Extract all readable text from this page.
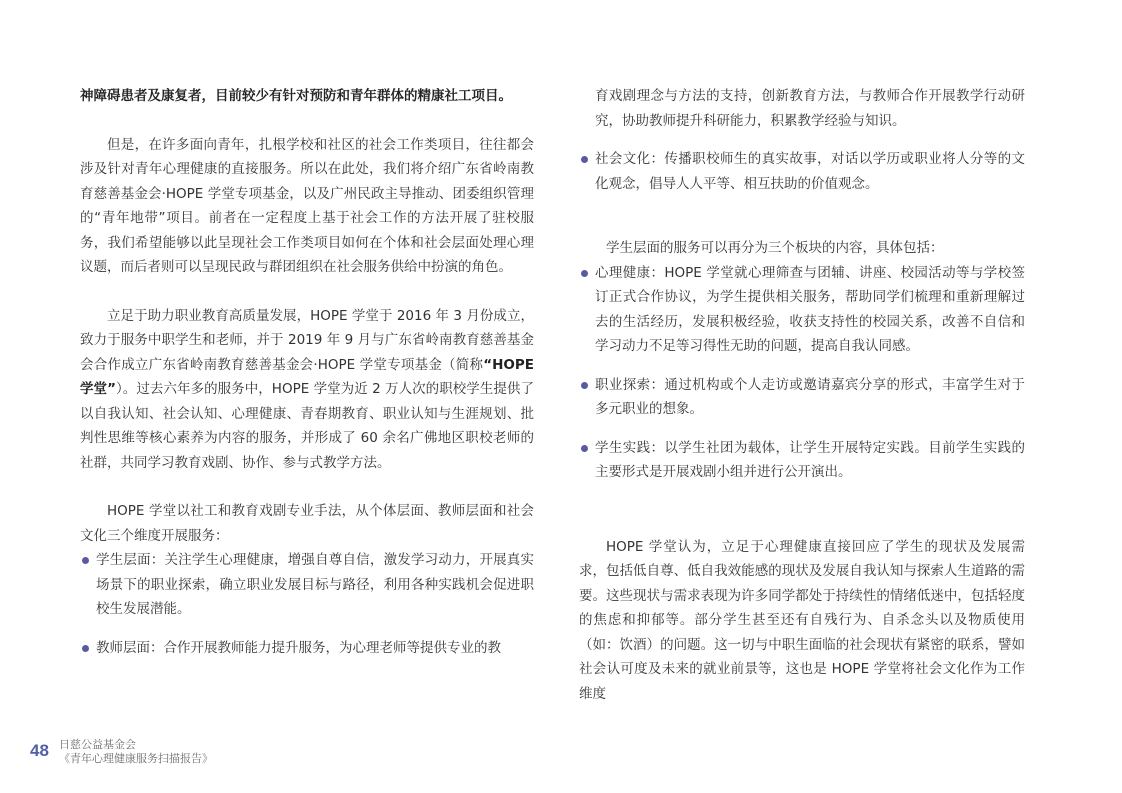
神障碍患者及康复者，目前较少有针对预防和青年群体的精康社工项目。

但是，在许多面向青年，扎根学校和社区的社会工作类项目，往往都会涉及针对青年心理健康的直接服务。所以在此处，我们将介绍广东省岭南教育慈善基金会·HOPE 学堂专项基金，以及广州民政主导推动、团委组织管理的“青年地带”项目。前者在一定程度上基于社会工作的方法开展了驻校服务，我们希望能够以此呈现社会工作类项目如何在个体和社会层面处理心理议题，而后者则可以呈现民政与群团组织在社会服务供给中扮演的角色。

立足于助力职业教育高质量发展，HOPE 学堂于 2016 年 3 月份成立，致力于服务中职学生和老师，并于 2019 年 9 月与广东省岭南教育慈善基金会合作成立广东省岭南教育慈善基金会·HOPE 学堂专项基金（简称“HOPE 学堂”）。过去六年多的服务中，HOPE 学堂为近 2 万人次的职校学生提供了以自我认知、社会认知、心理健康、青春期教育、职业认知与生涯规划、批判性思维等核心素养为内容的服务，并形成了 60 余名广佛地区职校老师的社群，共同学习教育戏剧、协作、参与式教学方法。

HOPE 学堂以社工和教育戏剧专业手法，从个体层面、教师层面和社会文化三个维度开展服务：

学生层面：关注学生心理健康，增强自尊自信，激发学习动力，开展真实场景下的职业探索，确立职业发展目标与路径，利用各种实践机会促进职校生发展潜能。
教师层面：合作开展教师能力提升服务，为心理老师等提供专业的教

育戏剧理念与方法的支持，创新教育方法，与教师合作开展教学行动研究，协助教师提升科研能力，积累教学经验与知识。

社会文化：传播职校师生的真实故事，对话以学历或职业将人分等的文化观念，倡导人人平等、相互扶助的价值观念。

学生层面的服务可以再分为三个板块的内容，具体包括：

心理健康：HOPE 学堂就心理筛查与团辅、讲座、校园活动等与学校签订正式合作协议，为学生提供相关服务，帮助同学们梳理和重新理解过去的生活经历，发展积极经验，收获支持性的校园关系，改善不自信和学习动力不足等习得性无助的问题，提高自我认同感。
职业探索：通过机构或个人走访或邀请嘉宾分享的形式，丰富学生对于多元职业的想象。
学生实践：以学生社团为载体，让学生开展特定实践。目前学生实践的主要形式是开展戏剧小组并进行公开演出。

HOPE 学堂认为，立足于心理健康直接回应了学生的现状及发展需求，包括低自尊、低自我效能感的现状及发展自我认知与探索人生道路的需要。这些现状与需求表现为许多同学都处于持续性的情绪低迷中，包括轻度的焦虑和抑郁等。部分学生甚至还有自残行为、自杀念头以及物质使用（如：饮酒）的问题。这一切与中职生面临的社会现状有紧密的联系，譬如社会认可度及未来的就业前景等，这也是 HOPE 学堂将社会文化作为工作维度

48 日慈公益基金会
《青年心理健康服务扫描报告》
